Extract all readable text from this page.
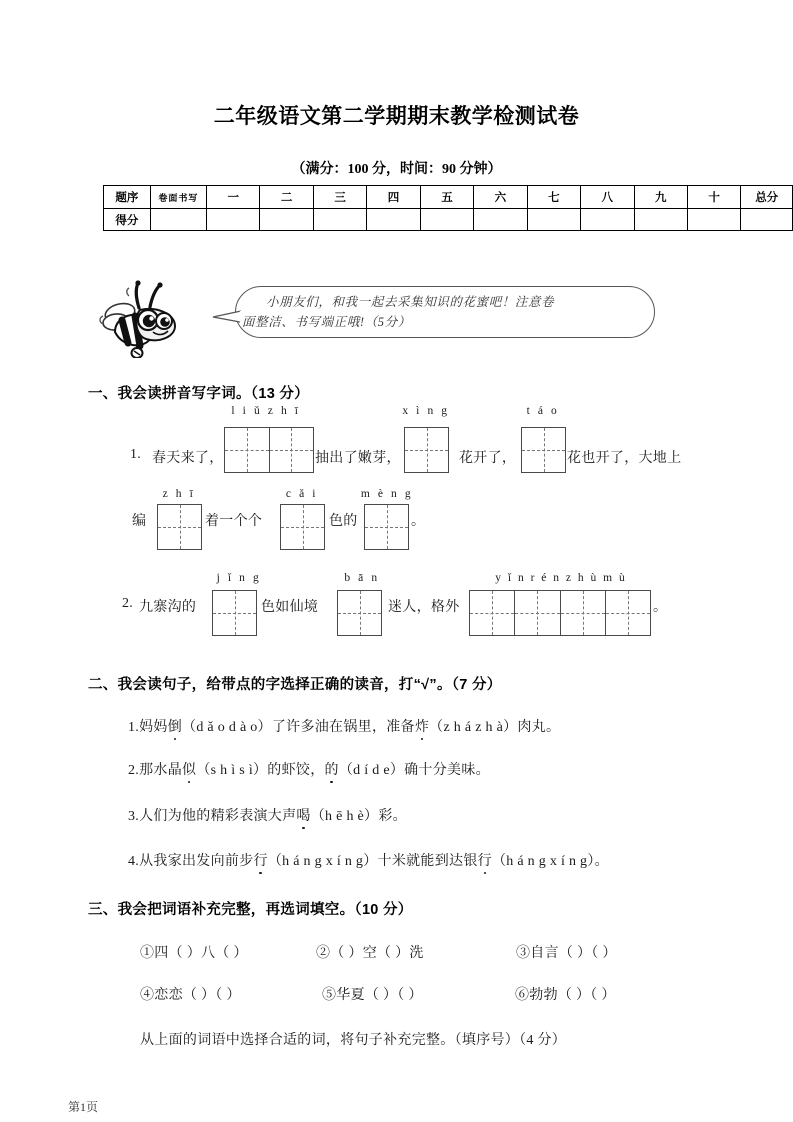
二年级语文第二学期期末教学检测试卷
（满分：100 分，时间：90 分钟）
题序	卷面书写	一	二	三	四	五	六	七	八	九	十	总分
得分												
小朋友们，和我一起去采集知识的花蜜吧！注意卷
面整洁、书写端正哦!（5分）
一、我会读拼音写字词。（13 分）
1. 春天来了，
l i ǔ z h ī
抽出了嫩芽，
x ì n g
花开了，
t á o
花也开了，大地上
编
z h ī
着一个个
c ǎ i
色的
m è n g
。
2. 九寨沟的
j ǐ n g
色如仙境
b ā n
迷人，格外
y ǐ n r é n z h ù m ù
。
二、我会读句子，给带点的字选择正确的读音，打“√”。（7 分）
1.妈妈倒（d ǎ o d à o）了许多油在锅里，准备炸（z h á z h à）肉丸。
2.那水晶似（s h ì s ì）的虾饺，的（d í d e）确十分美味。
3.人们为他的精彩表演大声喝（h ē h è）彩。
4.从我家出发向前步行（h á n g x í n g）十米就能到达银行（h á n g x í n g）。
三、我会把词语补充完整，再选词填空。（10 分）
①四（ ）八（ ）	②（ ）空（ ）洗	③自言（ ）（ ）
④恋恋（ ）（ ）	⑤华夏（ ）（ ）	⑥勃勃（ ）（ ）
从上面的词语中选择合适的词，将句子补充完整。（填序号）（4 分）
第1页
